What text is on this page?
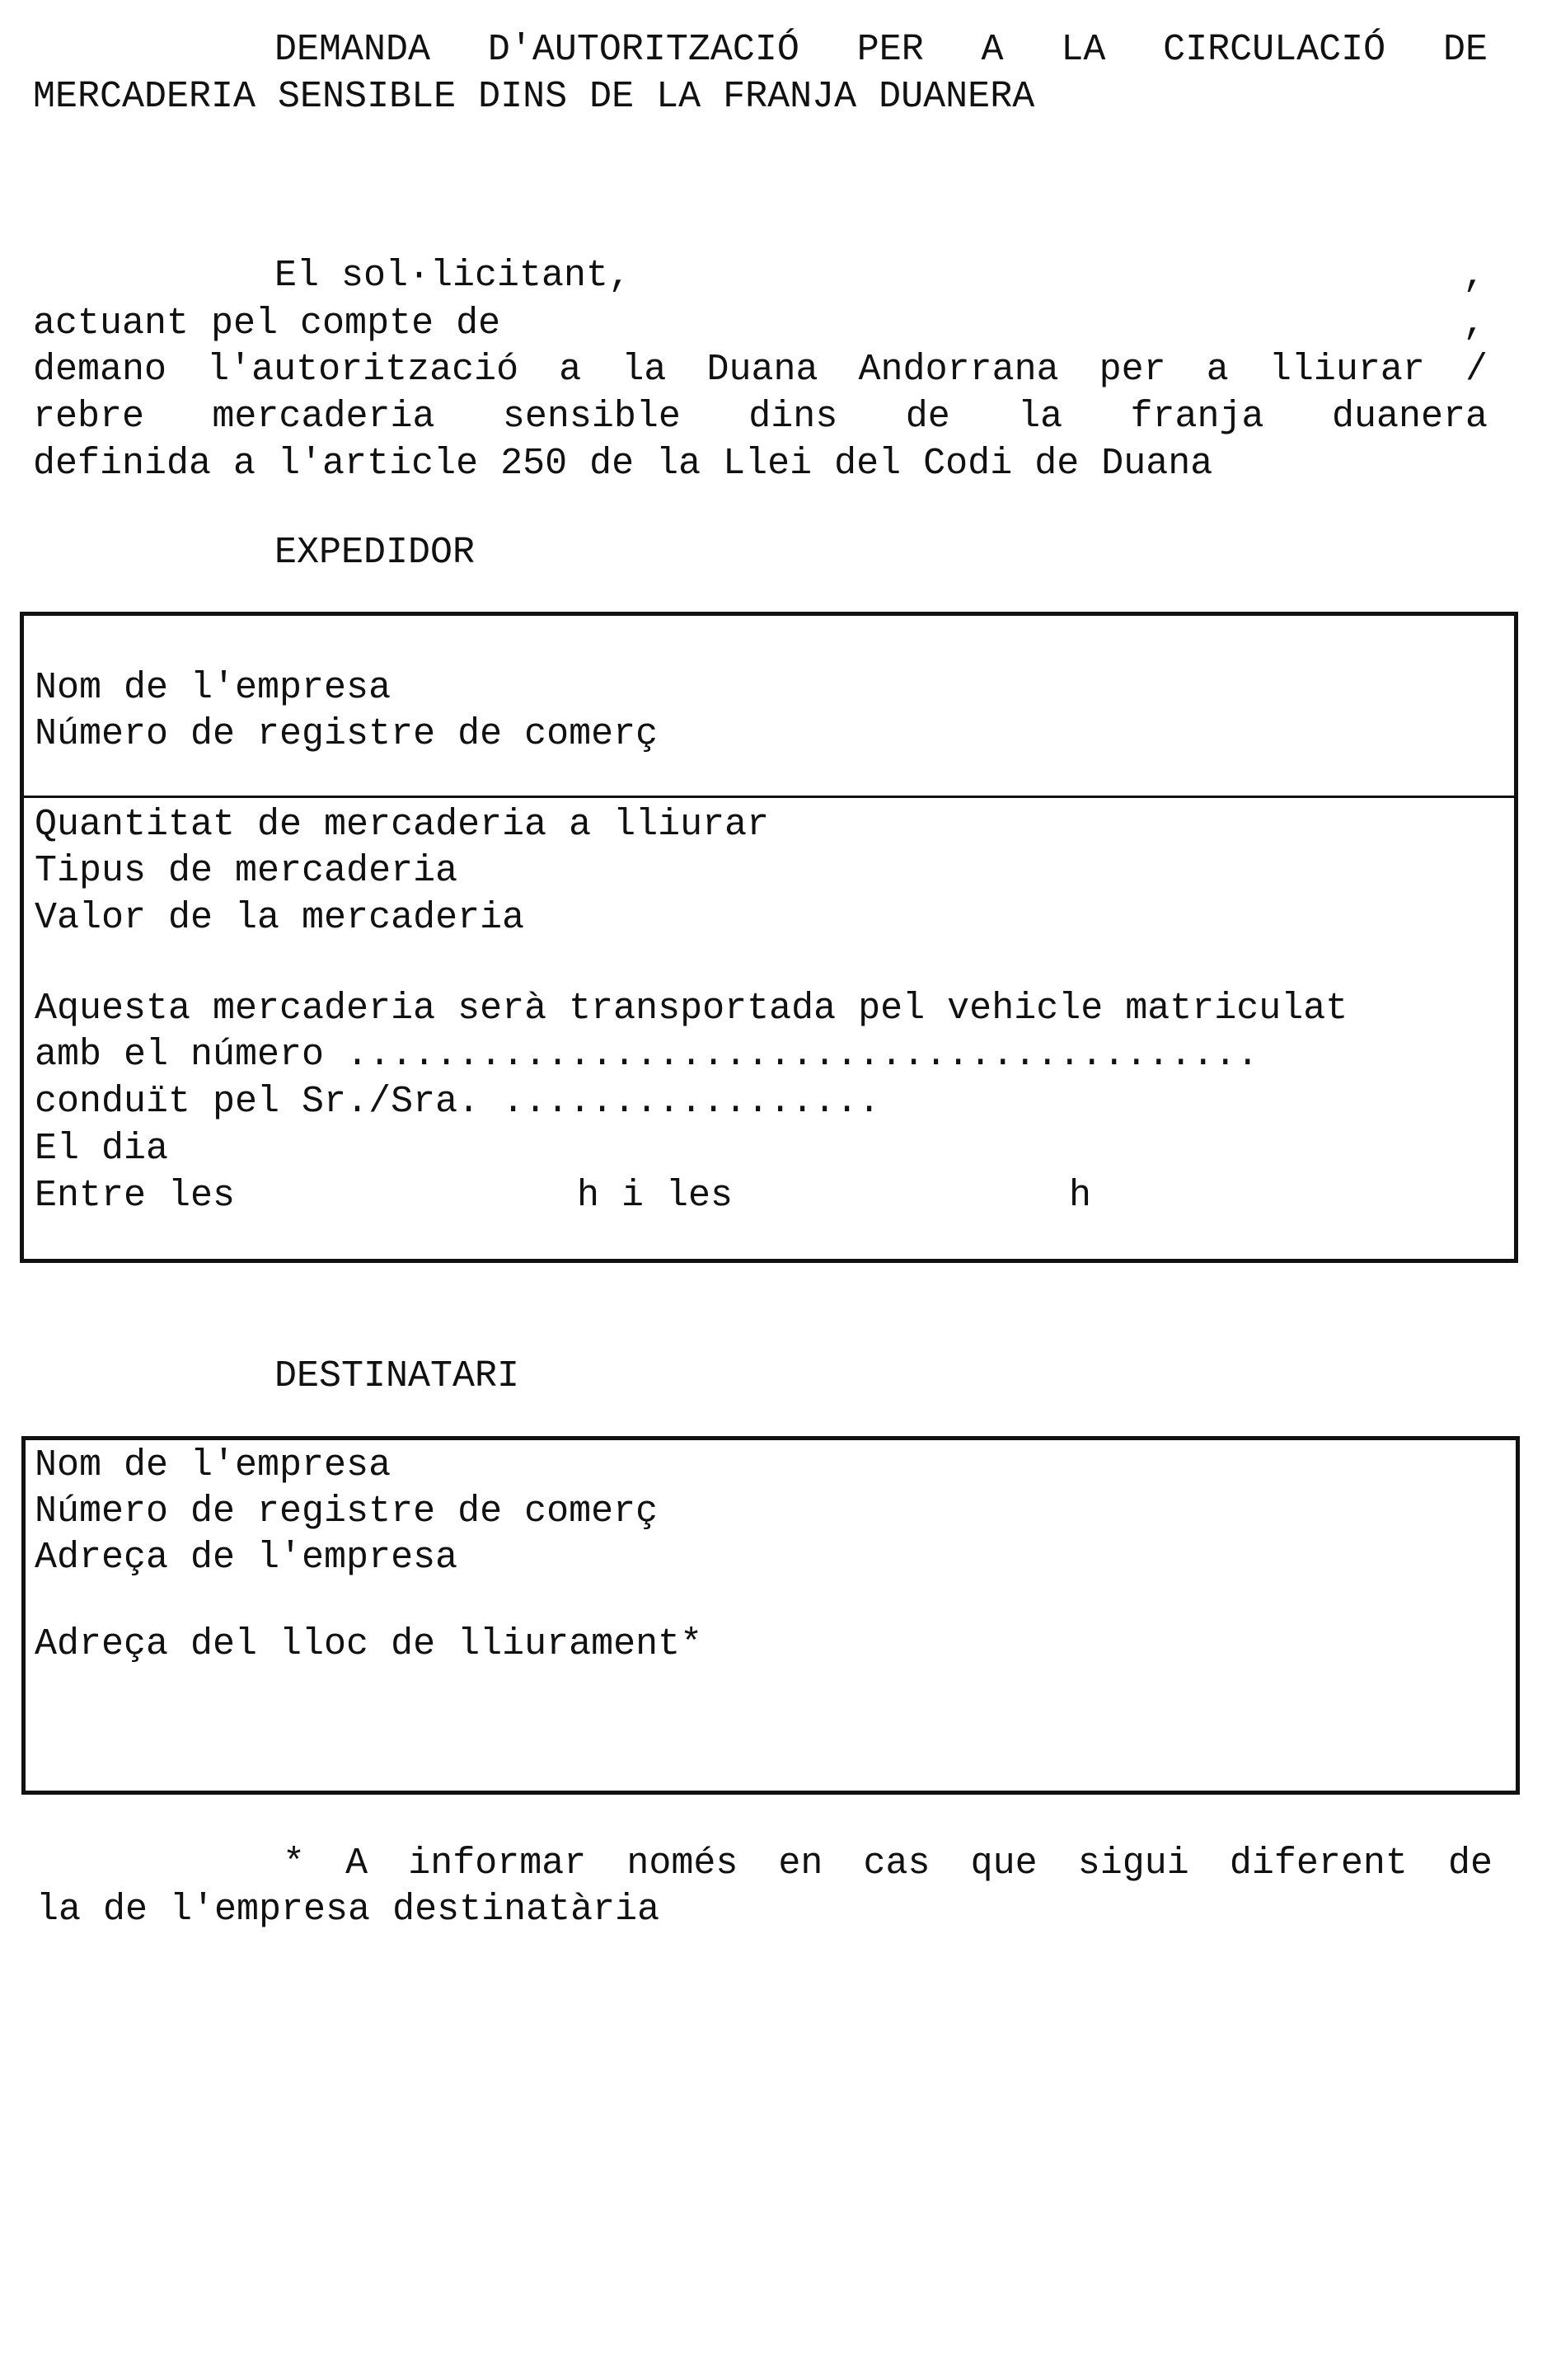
DEMANDA D'AUTORITZACIÓ PER A LA CIRCULACIÓ DE
MERCADERIA SENSIBLE DINS DE LA FRANJA DUANERA
El sol·licitant,	,
actuant pel compte de	,
demano l'autorització a la Duana Andorrana per a lliurar /
rebre mercaderia sensible dins de la franja duanera
definida a l'article 250 de la Llei del Codi de Duana
EXPEDIDOR
Nom de l'empresa
Número de registre de comerç
Quantitat de mercaderia a lliurar
Tipus de mercaderia
Valor de la mercaderia
Aquesta mercaderia serà transportada pel vehicle matriculat
amb el número .........................................
conduït pel Sr./Sra. .................
El dia
Entre les	h i les	h
DESTINATARI
Nom de l'empresa
Número de registre de comerç
Adreça de l'empresa
Adreça del lloc de lliurament*
* A informar només en cas que sigui diferent de
la de l'empresa destinatària
